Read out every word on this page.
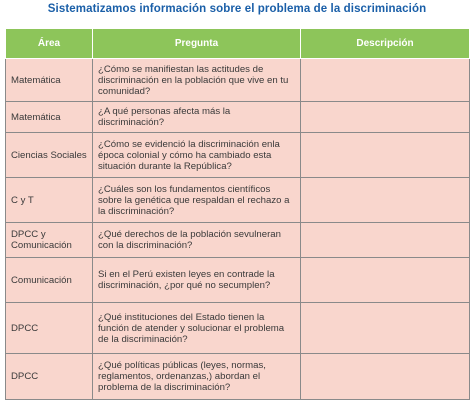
Sistematizamos información sobre el problema de la discriminación
Área	Pregunta	Descripción
Matemática	¿Cómo se manifiestan las actitudes de discriminación en la población que vive en tu comunidad?	
Matemática	¿A qué personas afecta más la discriminación?	
Ciencias Sociales	¿Cómo se evidenció la discriminación enla época colonial y cómo ha cambiado esta situación durante la República?	
C y T	¿Cuáles son los fundamentos científicos sobre la genética que respaldan el rechazo a la discriminación?	
DPCC y Comunicación	¿Qué derechos de la población sevulneran con la discriminación?	
Comunicación	Si en el Perú existen leyes en contrade la discriminación, ¿por qué no secumplen?	
DPCC	¿Qué instituciones del Estado tienen la función de atender y solucionar el problema de la discriminación?	
DPCC	¿Qué políticas públicas (leyes, normas, reglamentos, ordenanzas,) abordan el problema de la discriminación?	
